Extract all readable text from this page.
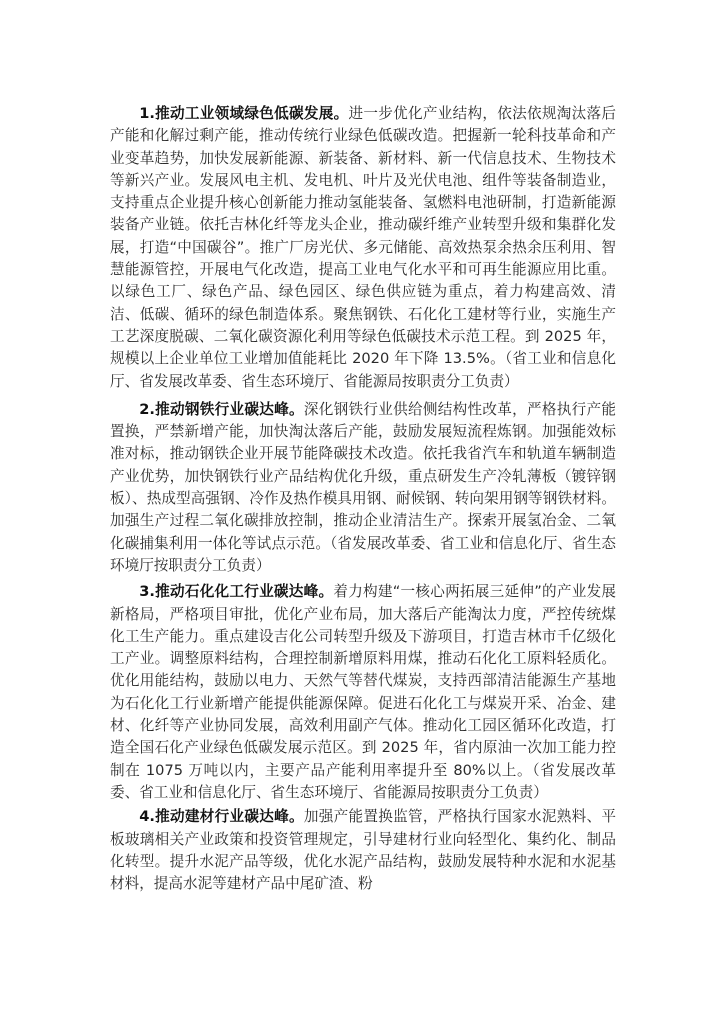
1.推动工业领域绿色低碳发展。进一步优化产业结构，依法依规淘汰落后产能和化解过剩产能，推动传统行业绿色低碳改造。把握新一轮科技革命和产业变革趋势，加快发展新能源、新装备、新材料、新一代信息技术、生物技术等新兴产业。发展风电主机、发电机、叶片及光伏电池、组件等装备制造业，支持重点企业提升核心创新能力推动氢能装备、氢燃料电池研制，打造新能源装备产业链。依托吉林化纤等龙头企业，推动碳纤维产业转型升级和集群化发展，打造“中国碳谷”。推广厂房光伏、多元储能、高效热泵余热余压利用、智慧能源管控，开展电气化改造，提高工业电气化水平和可再生能源应用比重。以绿色工厂、绿色产品、绿色园区、绿色供应链为重点，着力构建高效、清洁、低碳、循环的绿色制造体系。聚焦钢铁、石化化工建材等行业，实施生产工艺深度脱碳、二氧化碳资源化利用等绿色低碳技术示范工程。到 2025 年，规模以上企业单位工业增加值能耗比 2020 年下降 13.5%。（省工业和信息化厅、省发展改革委、省生态环境厅、省能源局按职责分工负责）

2.推动钢铁行业碳达峰。深化钢铁行业供给侧结构性改革，严格执行产能置换，严禁新增产能，加快淘汰落后产能，鼓励发展短流程炼钢。加强能效标准对标，推动钢铁企业开展节能降碳技术改造。依托我省汽车和轨道车辆制造产业优势，加快钢铁行业产品结构优化升级，重点研发生产冷轧薄板（镀锌钢板）、热成型高强钢、冷作及热作模具用钢、耐候钢、转向架用钢等钢铁材料。加强生产过程二氧化碳排放控制，推动企业清洁生产。探索开展氢冶金、二氧化碳捕集利用一体化等试点示范。（省发展改革委、省工业和信息化厅、省生态环境厅按职责分工负责）

3.推动石化化工行业碳达峰。着力构建“一核心两拓展三延伸”的产业发展新格局，严格项目审批，优化产业布局，加大落后产能淘汰力度，严控传统煤化工生产能力。重点建设吉化公司转型升级及下游项目，打造吉林市千亿级化工产业。调整原料结构，合理控制新增原料用煤，推动石化化工原料轻质化。优化用能结构，鼓励以电力、天然气等替代煤炭，支持西部清洁能源生产基地为石化化工行业新增产能提供能源保障。促进石化化工与煤炭开采、冶金、建材、化纤等产业协同发展，高效利用副产气体。推动化工园区循环化改造，打造全国石化产业绿色低碳发展示范区。到 2025 年，省内原油一次加工能力控制在 1075 万吨以内，主要产品产能利用率提升至 80%以上。（省发展改革委、省工业和信息化厅、省生态环境厅、省能源局按职责分工负责）

4.推动建材行业碳达峰。加强产能置换监管，严格执行国家水泥熟料、平板玻璃相关产业政策和投资管理规定，引导建材行业向轻型化、集约化、制品化转型。提升水泥产品等级，优化水泥产品结构，鼓励发展特种水泥和水泥基材料，提高水泥等建材产品中尾矿渣、粉
